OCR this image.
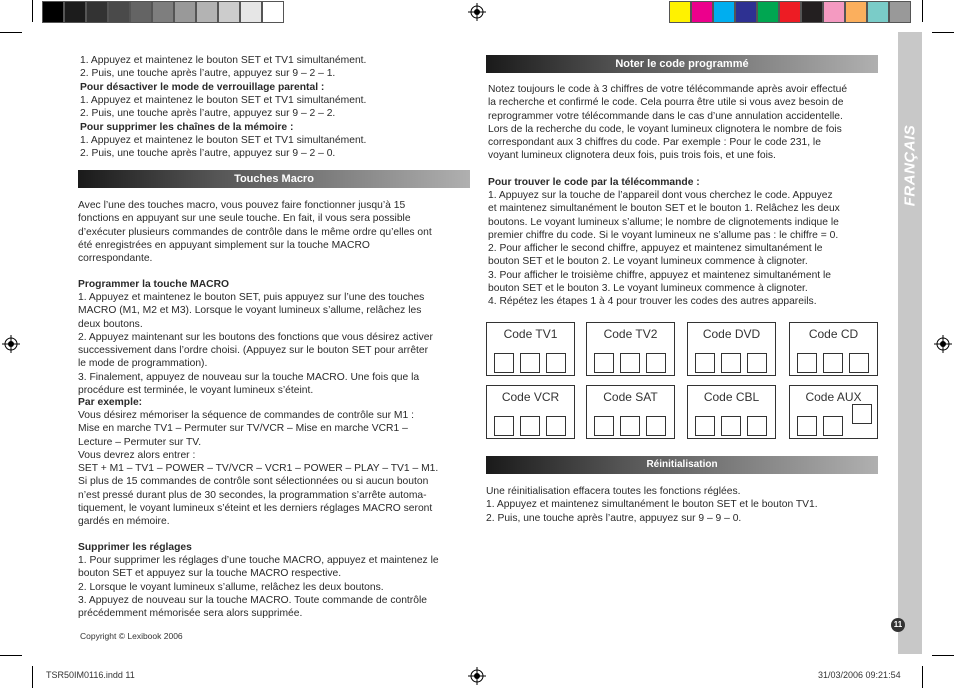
FRANÇAIS
11
1. Appuyez et maintenez le bouton SET et TV1 simultanément.
2. Puis, une touche après l’autre, appuyez sur 9 – 2 – 1.
Pour désactiver le mode de verrouillage parental :
1. Appuyez et maintenez le bouton SET et TV1 simultanément.
2. Puis, une touche après l’autre, appuyez sur 9 – 2 – 2.
Pour supprimer les chaînes de la mémoire :
1. Appuyez et maintenez le bouton SET et TV1 simultanément.
2. Puis, une touche après l’autre, appuyez sur 9 – 2 – 0.
Touches Macro
Avec l’une des touches macro, vous pouvez faire fonctionner jusqu’à 15
fonctions en appuyant sur une seule touche. En fait, il vous sera possible
d’exécuter plusieurs commandes de contrôle dans le même ordre qu’elles ont
été enregistrées en appuyant simplement sur la touche MACRO
correspondante.
Programmer la touche MACRO
1. Appuyez et maintenez le bouton SET, puis appuyez sur l’une des touches
MACRO (M1, M2 et M3). Lorsque le voyant lumineux s’allume, relâchez les
deux boutons.
2. Appuyez maintenant sur les boutons des fonctions que vous désirez activer
successivement dans l’ordre choisi. (Appuyez sur le bouton SET pour arrêter
le mode de programmation).
3. Finalement, appuyez de nouveau sur la touche MACRO. Une fois que la
procédure est terminée, le voyant lumineux s’éteint.
Par exemple:
Vous désirez mémoriser la séquence de commandes de contrôle sur M1 :
Mise en marche TV1 – Permuter sur TV/VCR – Mise en marche VCR1 –
Lecture – Permuter sur TV.
Vous devrez alors entrer :
SET + M1 – TV1 – POWER – TV/VCR – VCR1 – POWER – PLAY – TV1 – M1.
Si plus de 15 commandes de contrôle sont sélectionnées ou si aucun bouton
n’est pressé durant plus de 30 secondes, la programmation s’arrête automa-
tiquement, le voyant lumineux s’éteint et les derniers réglages MACRO seront
gardés en mémoire.
Supprimer les réglages
1. Pour supprimer les réglages d’une touche MACRO, appuyez et maintenez le
bouton SET et appuyez sur la touche MACRO respective.
2. Lorsque le voyant lumineux s’allume, relâchez les deux boutons.
3. Appuyez de nouveau sur la touche MACRO. Toute commande de contrôle
précédemment mémorisée sera alors supprimée.
Copyright © Lexibook 2006
Noter le code programmé
Notez toujours le code à 3 chiffres de votre télécommande après avoir effectué
la recherche et confirmé le code. Cela pourra être utile si vous avez besoin de
reprogrammer votre télécommande dans le cas d’une annulation accidentelle.
Lors de la recherche du code, le voyant lumineux clignotera le nombre de fois
correspondant aux 3 chiffres du code. Par exemple : Pour le code 231, le
voyant lumineux clignotera deux fois, puis trois fois, et une fois.
Pour trouver le code par la télécommande :
1. Appuyez sur la touche de l’appareil dont vous cherchez le code. Appuyez
et maintenez simultanément le bouton SET et le bouton 1. Relâchez les deux
boutons. Le voyant lumineux s’allume; le nombre de clignotements indique le
premier chiffre du code. Si le voyant lumineux ne s’allume pas : le chiffre = 0.
2. Pour afficher le second chiffre, appuyez et maintenez simultanément le
bouton SET et le bouton 2. Le voyant lumineux commence à clignoter.
3. Pour afficher le troisième chiffre, appuyez et maintenez simultanément le
bouton SET et le bouton 3. Le voyant lumineux commence à clignoter.
4. Répétez les étapes 1 à 4 pour trouver les codes des autres appareils.
Code TV1	Code TV2	Code DVD	Code CD
Code VCR	Code SAT	Code CBL	Code AUX
Réinitialisation
Une réinitialisation effacera toutes les fonctions réglées.
1. Appuyez et maintenez simultanément le bouton SET et le bouton TV1.
2. Puis, une touche après l’autre, appuyez sur 9 – 9 – 0.
TSR50IM0116.indd 11	31/03/2006 09:21:54
